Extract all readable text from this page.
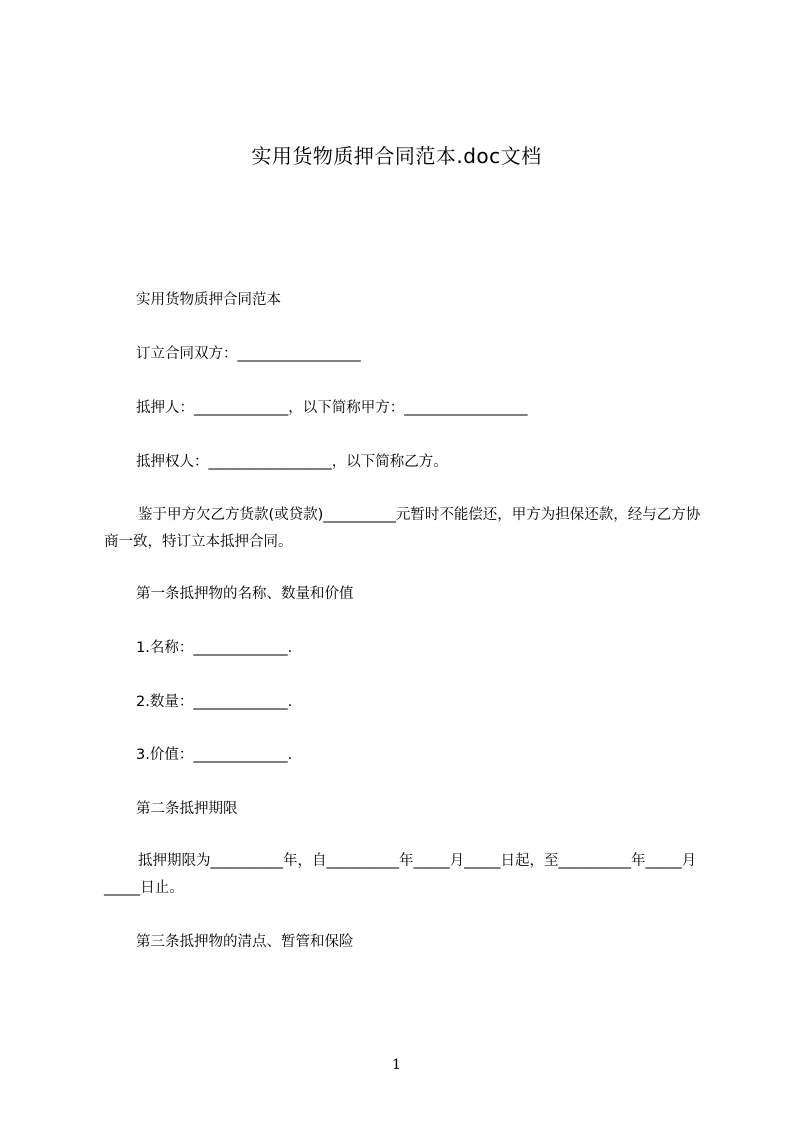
实用货物质押合同范本.doc文档
实用货物质押合同范本
订立合同双方：_________________
抵押人：_____________，以下简称甲方：_________________
抵押权人：_________________，以下简称乙方。
鉴于甲方欠乙方货款(或贷款)__________元暂时不能偿还，甲方为担保还款，经与乙方协商一致，特订立本抵押合同。
第一条抵押物的名称、数量和价值
1.名称：_____________.
2.数量：_____________.
3.价值：_____________.
第二条抵押期限
抵押期限为__________年，自__________年_____月_____日起，至__________年_____月_____日止。
第三条抵押物的清点、暂管和保险
1
